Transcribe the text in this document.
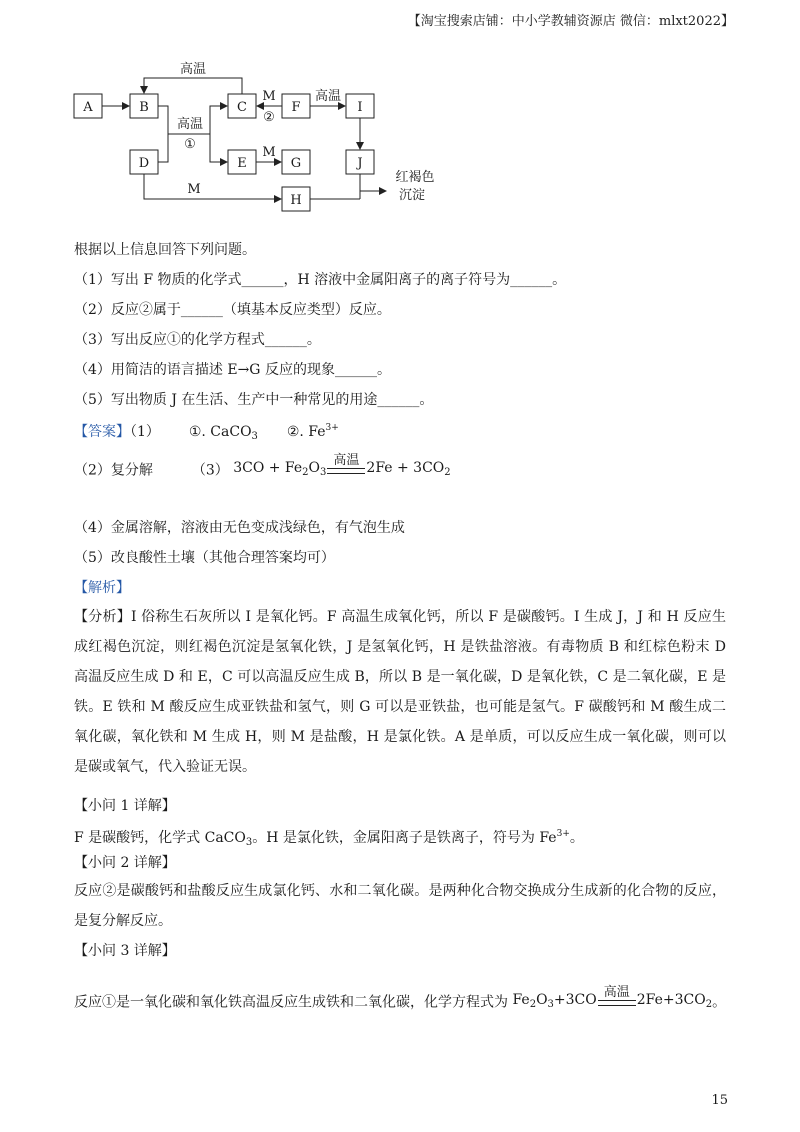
【淘宝搜索店铺：中小学教辅资源店 微信：mlxt2022】
A	B	C	F	I
D	E	G	J
H
高温
高温
①
M
②
高温
M
M
红褐色
沉淀
根据以上信息回答下列问题。
（1）写出 F 物质的化学式______，H 溶液中金属阳离子的离子符号为______。
（2）反应②属于______（填基本反应类型）反应。
（3）写出反应①的化学方程式______。
（4）用简洁的语言描述 E→G 反应的现象______。
（5）写出物质 J 在生活、生产中一种常见的用途______。
【答案】（1） ①. CaCO$_3$ ②. $Fe^{3+}$
（2）复分解	（3） $3CO + Fe_2O_3$
高温 $2Fe + 3CO_2$
（4）金属溶解，溶液由无色变成浅绿色，有气泡生成
（5）改良酸性土壤（其他合理答案均可）
【解析】
【分析】I 俗称生石灰所以 I 是氧化钙。F 高温生成氧化钙，所以 F 是碳酸钙。I 生成 J，J 和 H 反应生成红褐色沉淀，则红褐色沉淀是氢氧化铁，J 是氢氧化钙，H 是铁盐溶液。有毒物质 B 和红棕色粉末 D 高温反应生成 D 和 E，C 可以高温反应生成 B，所以 B 是一氧化碳，D 是氧化铁，C 是二氧化碳，E 是铁。E 铁和 M 酸反应生成亚铁盐和氢气，则 G 可以是亚铁盐，也可能是氢气。F 碳酸钙和 M 酸生成二氧化碳，氧化铁和 M 生成 H，则 M 是盐酸，H 是氯化铁。A 是单质，可以反应生成一氧化碳，则可以是碳或氧气，代入验证无误。
【小问 1 详解】
F 是碳酸钙，化学式 CaCO$_3$。H 是氯化铁，金属阳离子是铁离子，符号为 $Fe^{3+}$。
【小问 2 详解】
反应②是碳酸钙和盐酸反应生成氯化钙、水和二氧化碳。是两种化合物交换成分生成新的化合物的反应，是复分解反应。
【小问 3 详解】
反应①是一氧化碳和氧化铁高温反应生成铁和二氧化碳，化学方程式为 $Fe_2O_3+3CO$ 高温 $2Fe+3CO_2$。
15
